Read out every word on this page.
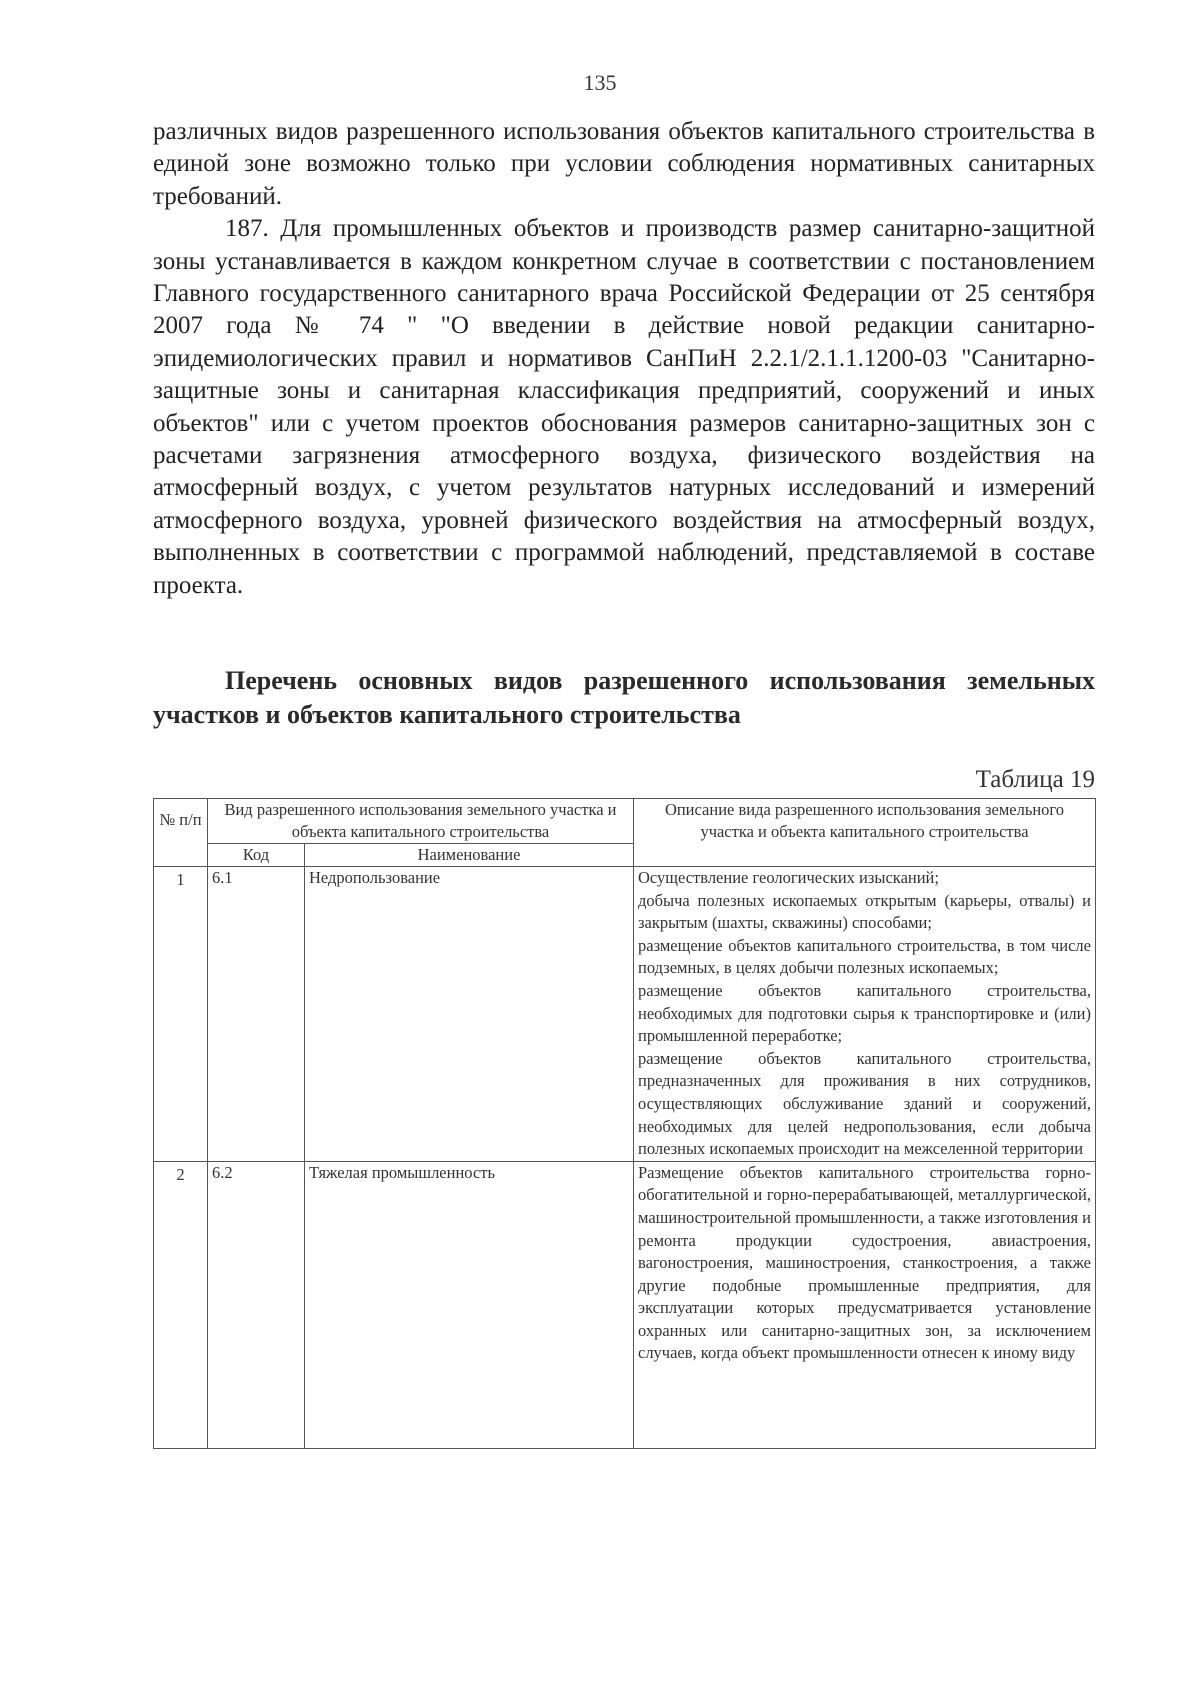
135

различных видов разрешенного использования объектов капитального строительства в единой зоне возможно только при условии соблюдения нормативных санитарных требований.

187. Для промышленных объектов и производств размер санитарно-защитной зоны устанавливается в каждом конкретном случае в соответствии с постановлением Главного государственного санитарного врача Российской Федерации от 25 сентября 2007 года № 74 " "О введении в действие новой редакции санитарно-эпидемиологических правил и нормативов СанПиН 2.2.1/2.1.1.1200-03 "Санитарно-защитные зоны и санитарная классификация предприятий, сооружений и иных объектов" или с учетом проектов обоснования размеров санитарно-защитных зон с расчетами загрязнения атмосферного воздуха, физического воздействия на атмосферный воздух, с учетом результатов натурных исследований и измерений атмосферного воздуха, уровней физического воздействия на атмосферный воздух, выполненных в соответствии с программой наблюдений, представляемой в составе проекта.

Перечень основных видов разрешенного использования земельных участков и объектов капитального строительства
Таблица 19
№ п/п	Вид разрешенного использования земельного участка и объекта капитального строительства		Описание вида разрешенного использования земельного участка и объекта капитального строительства
	Код	Наименование	
1	6.1	Недропользование	Осуществление геологических изысканий;

добыча полезных ископаемых открытым (карьеры, отвалы) и закрытым (шахты, скважины) способами;

размещение объектов капитального строительства, в том числе подземных, в целях добычи полезных ископаемых;

размещение объектов капитального строительства, необходимых для подготовки сырья к транспортировке и (или) промышленной переработке;

размещение объектов капитального строительства, предназначенных для проживания в них сотрудников, осуществляющих обслуживание зданий и сооружений, необходимых для целей недропользования, если добыча полезных ископаемых происходит на межселенной территории

2	6.2	Тяжелая промышленность	Размещение объектов капитального строительства горно-обогатительной и горно-перерабатывающей, металлургической, машиностроительной промышленности, а также изготовления и ремонта продукции судостроения, авиастроения, вагоностроения, машиностроения, станкостроения, а также другие подобные промышленные предприятия, для эксплуатации которых предусматривается установление охранных или санитарно-защитных зон, за исключением случаев, когда объект промышленности отнесен к иному виду
